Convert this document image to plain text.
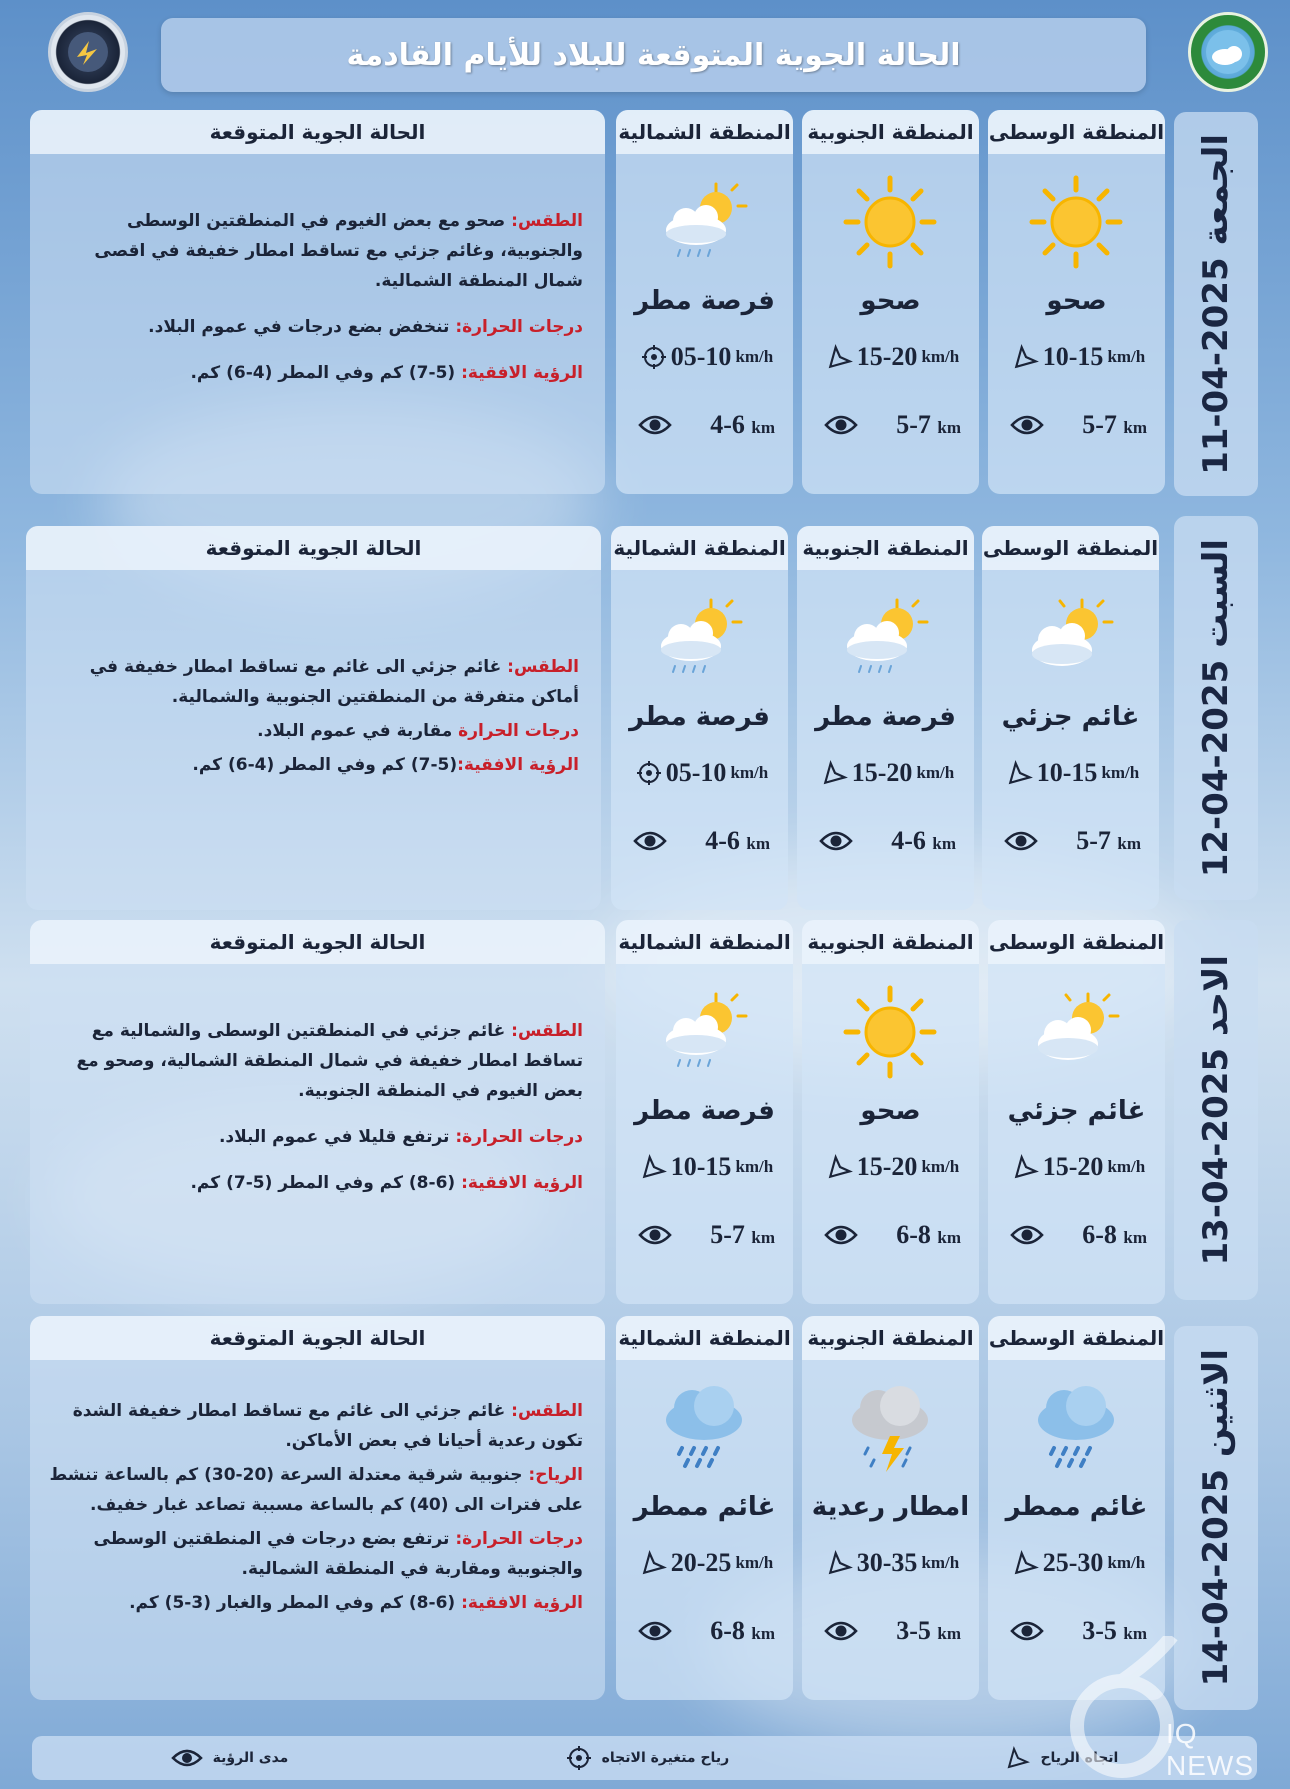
الحالة الجوية المتوقعة للبلاد للأيام القادمة
الجمعة 2025-04-11
المنطقة الوسطى
صحو
10-15 km/h
5-7 km
المنطقة الجنوبية
صحو
15-20 km/h
5-7 km
المنطقة الشمالية
فرصة مطر
05-10 km/h
4-6 km
الحالة الجوية المتوقعة
الطقس: صحو مع بعض الغيوم في المنطقتين الوسطى والجنوبية، وغائم جزئي مع تساقط امطار خفيفة في اقصى شمال المنطقة الشمالية.
درجات الحرارة: تنخفض بضع درجات في عموم البلاد.
الرؤية الافقية: (5-7) كم وفي المطر (4-6) كم.
السبت 2025-04-12
المنطقة الوسطى
غائم جزئي
10-15 km/h
5-7 km
المنطقة الجنوبية
فرصة مطر
15-20 km/h
4-6 km
المنطقة الشمالية
فرصة مطر
05-10 km/h
4-6 km
الحالة الجوية المتوقعة
الطقس: غائم جزئي الى غائم مع تساقط امطار خفيفة في أماكن متفرقة من المنطقتين الجنوبية والشمالية.
درجات الحرارة مقاربة في عموم البلاد.
الرؤية الافقية:(5-7) كم وفي المطر (4-6) كم.
الاحد 2025-04-13
المنطقة الوسطى
غائم جزئي
15-20 km/h
6-8 km
المنطقة الجنوبية
صحو
15-20 km/h
6-8 km
المنطقة الشمالية
فرصة مطر
10-15 km/h
5-7 km
الحالة الجوية المتوقعة
الطقس: غائم جزئي في المنطقتين الوسطى والشمالية مع تساقط امطار خفيفة في شمال المنطقة الشمالية، وصحو مع بعض الغيوم في المنطقة الجنوبية.
درجات الحرارة: ترتفع قليلا في عموم البلاد.
الرؤية الافقية: (6-8) كم وفي المطر (5-7) كم.
الاثنين 2025-04-14
المنطقة الوسطى
غائم ممطر
25-30 km/h
3-5 km
المنطقة الجنوبية
امطار رعدية
30-35 km/h
3-5 km
المنطقة الشمالية
غائم ممطر
20-25 km/h
6-8 km
الحالة الجوية المتوقعة
الطقس: غائم جزئي الى غائم مع تساقط امطار خفيفة الشدة تكون رعدية أحيانا في بعض الأماكن.
الرياح: جنوبية شرقية معتدلة السرعة (20-30) كم بالساعة تنشط على فترات الى (40) كم بالساعة مسببة تصاعد غبار خفيف.
درجات الحرارة: ترتفع بضع درجات في المنطقتين الوسطى والجنوبية ومقاربة في المنطقة الشمالية.
الرؤية الافقية: (6-8) كم وفي المطر والغبار (3-5) كم.
اتجاه الرياح
رياح متغيرة الاتجاه
مدى الرؤية
IQ NEWS
